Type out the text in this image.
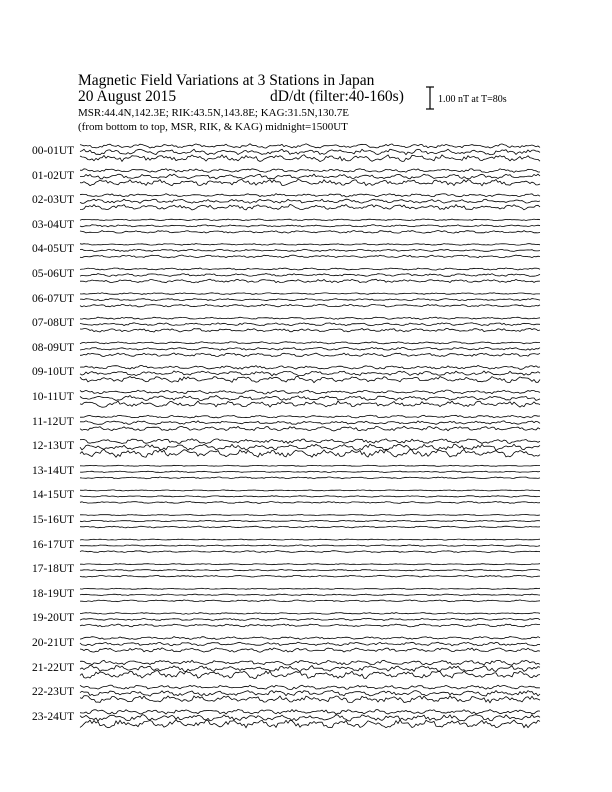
Magnetic Field Variations at 3 Stations in Japan
20 August 2015	dD/dt (filter:40-160s)
MSR:44.4N,142.3E; RIK:43.5N,143.8E; KAG:31.5N,130.7E
(from bottom to top, MSR, RIK, & KAG) midnight=1500UT
1.00 nT at T=80s
00-01UT
01-02UT
02-03UT
03-04UT
04-05UT
05-06UT
06-07UT
07-08UT
08-09UT
09-10UT
10-11UT
11-12UT
12-13UT
13-14UT
14-15UT
15-16UT
16-17UT
17-18UT
18-19UT
19-20UT
20-21UT
21-22UT
22-23UT
23-24UT
